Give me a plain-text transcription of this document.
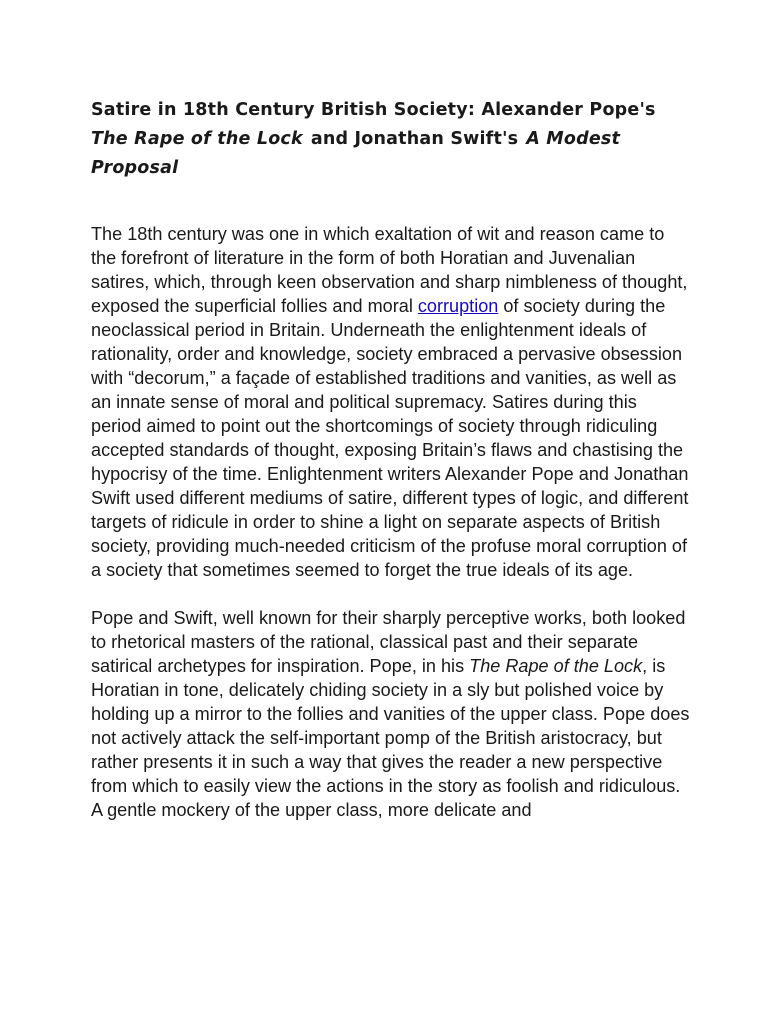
Satire in 18th Century British Society: Alexander Pope'sThe Rape of the Lock and Jonathan Swift's A Modest Proposal

The 18th century was one in which exaltation of wit and reason came to the forefront of literature in the form of both Horatian and Juvenalian satires, which, through keen observation and sharp nimbleness of thought, exposed the superficial follies and moral corruption of society during the neoclassical period in Britain. Underneath the enlightenment ideals of rationality, order and knowledge, society embraced a pervasive obsession with “decorum,” a façade of established traditions and vanities, as well as an innate sense of moral and political supremacy. Satires during this period aimed to point out the shortcomings of society through ridiculing accepted standards of thought, exposing Britain’s flaws and chastising the hypocrisy of the time. Enlightenment writers Alexander Pope and Jonathan Swift used different mediums of satire, different types of logic, and different targets of ridicule in order to shine a light on separate aspects of British society, providing much-needed criticism of the profuse moral corruption of a society that sometimes seemed to forget the true ideals of its age.

Pope and Swift, well known for their sharply perceptive works, both looked to rhetorical masters of the rational, classical past and their separate satirical archetypes for inspiration. Pope, in his The Rape of the Lock, is Horatian in tone, delicately chiding society in a sly but polished voice by holding up a mirror to the follies and vanities of the upper class. Pope does not actively attack the self-important pomp of the British aristocracy, but rather presents it in such a way that gives the reader a new perspective from which to easily view the actions in the story as foolish and ridiculous. A gentle mockery of the upper class, more delicate and
